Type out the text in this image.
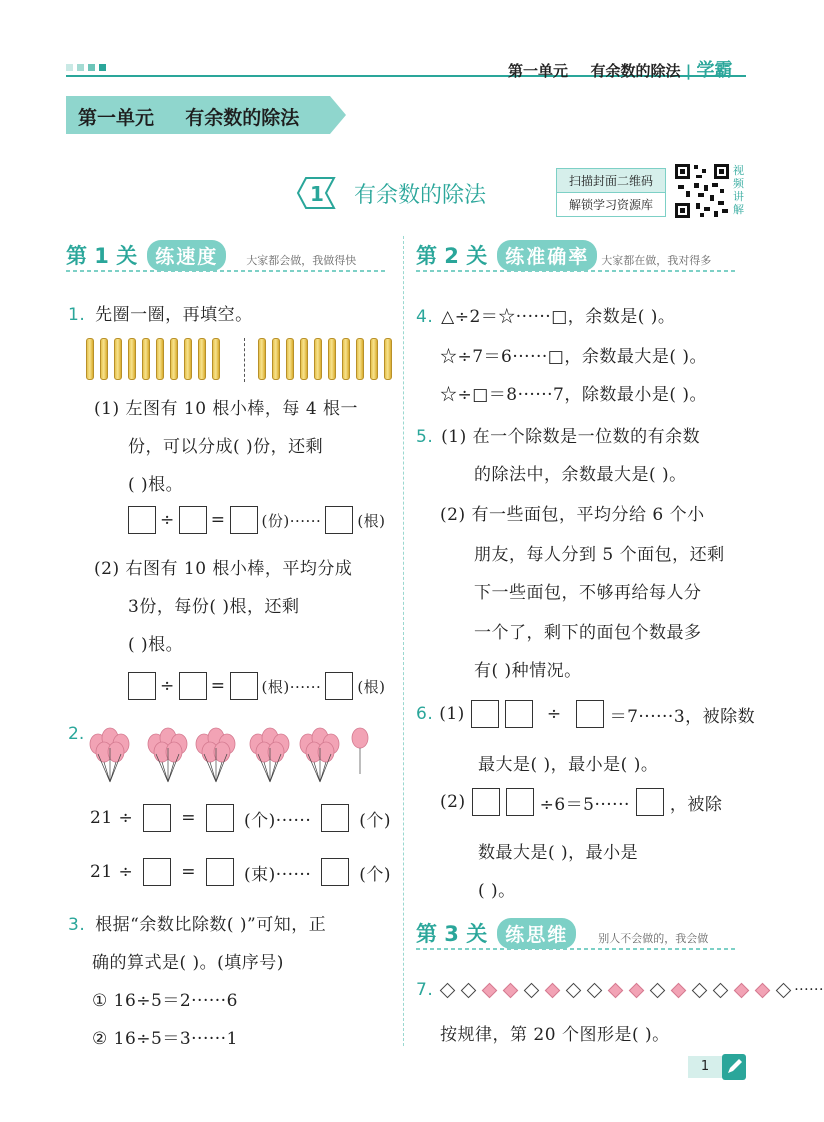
第一单元 有余数的除法 | 学霸
第一单元 有余数的除法
1 有余数的除法
扫描封面二维码
解锁学习资源库
视
频
讲
解
第 1 关 练速度	大家都会做，我做得快	第 2 关 练准确率	大家都在做，我对得多
1. 先圈一圈，再填空。
(1) 左图有 10 根小棒，每 4 根一
份，可以分成( )份，还剩
( )根。
÷ = (份)······ (根)
(2) 右图有 10 根小棒，平均分成
3份，每份( )根，还剩
( )根。
÷ = (根)······ (根)
2.
21 ÷	=	(个)······	(个)
21 ÷	=	(束)······	(个)
3. 根据“余数比除数( )”可知，正
确的算式是( )。(填序号)
① 16÷5＝2······6
② 16÷5＝3······1
4. △÷2＝☆······□，余数是( )。
☆÷7＝6······□，余数最大是( )。
☆÷□＝8······7，除数最小是( )。
5. (1) 在一个除数是一位数的有余数
的除法中，余数最大是( )。
(2) 有一些面包，平均分给 6 个小
朋友，每人分到 5 个面包，还剩
下一些面包，不够再给每人分
一个了，剩下的面包个数最多
有( )种情况。
6. (1)	÷	＝7······3，被除数
最大是( )，最小是( )。
(2)	÷6＝5······ ，被除
数最大是( )，最小是
( )。
第 3 关 练思维	别人不会做的，我会做
7.	······
按规律，第 20 个图形是( )。
1
